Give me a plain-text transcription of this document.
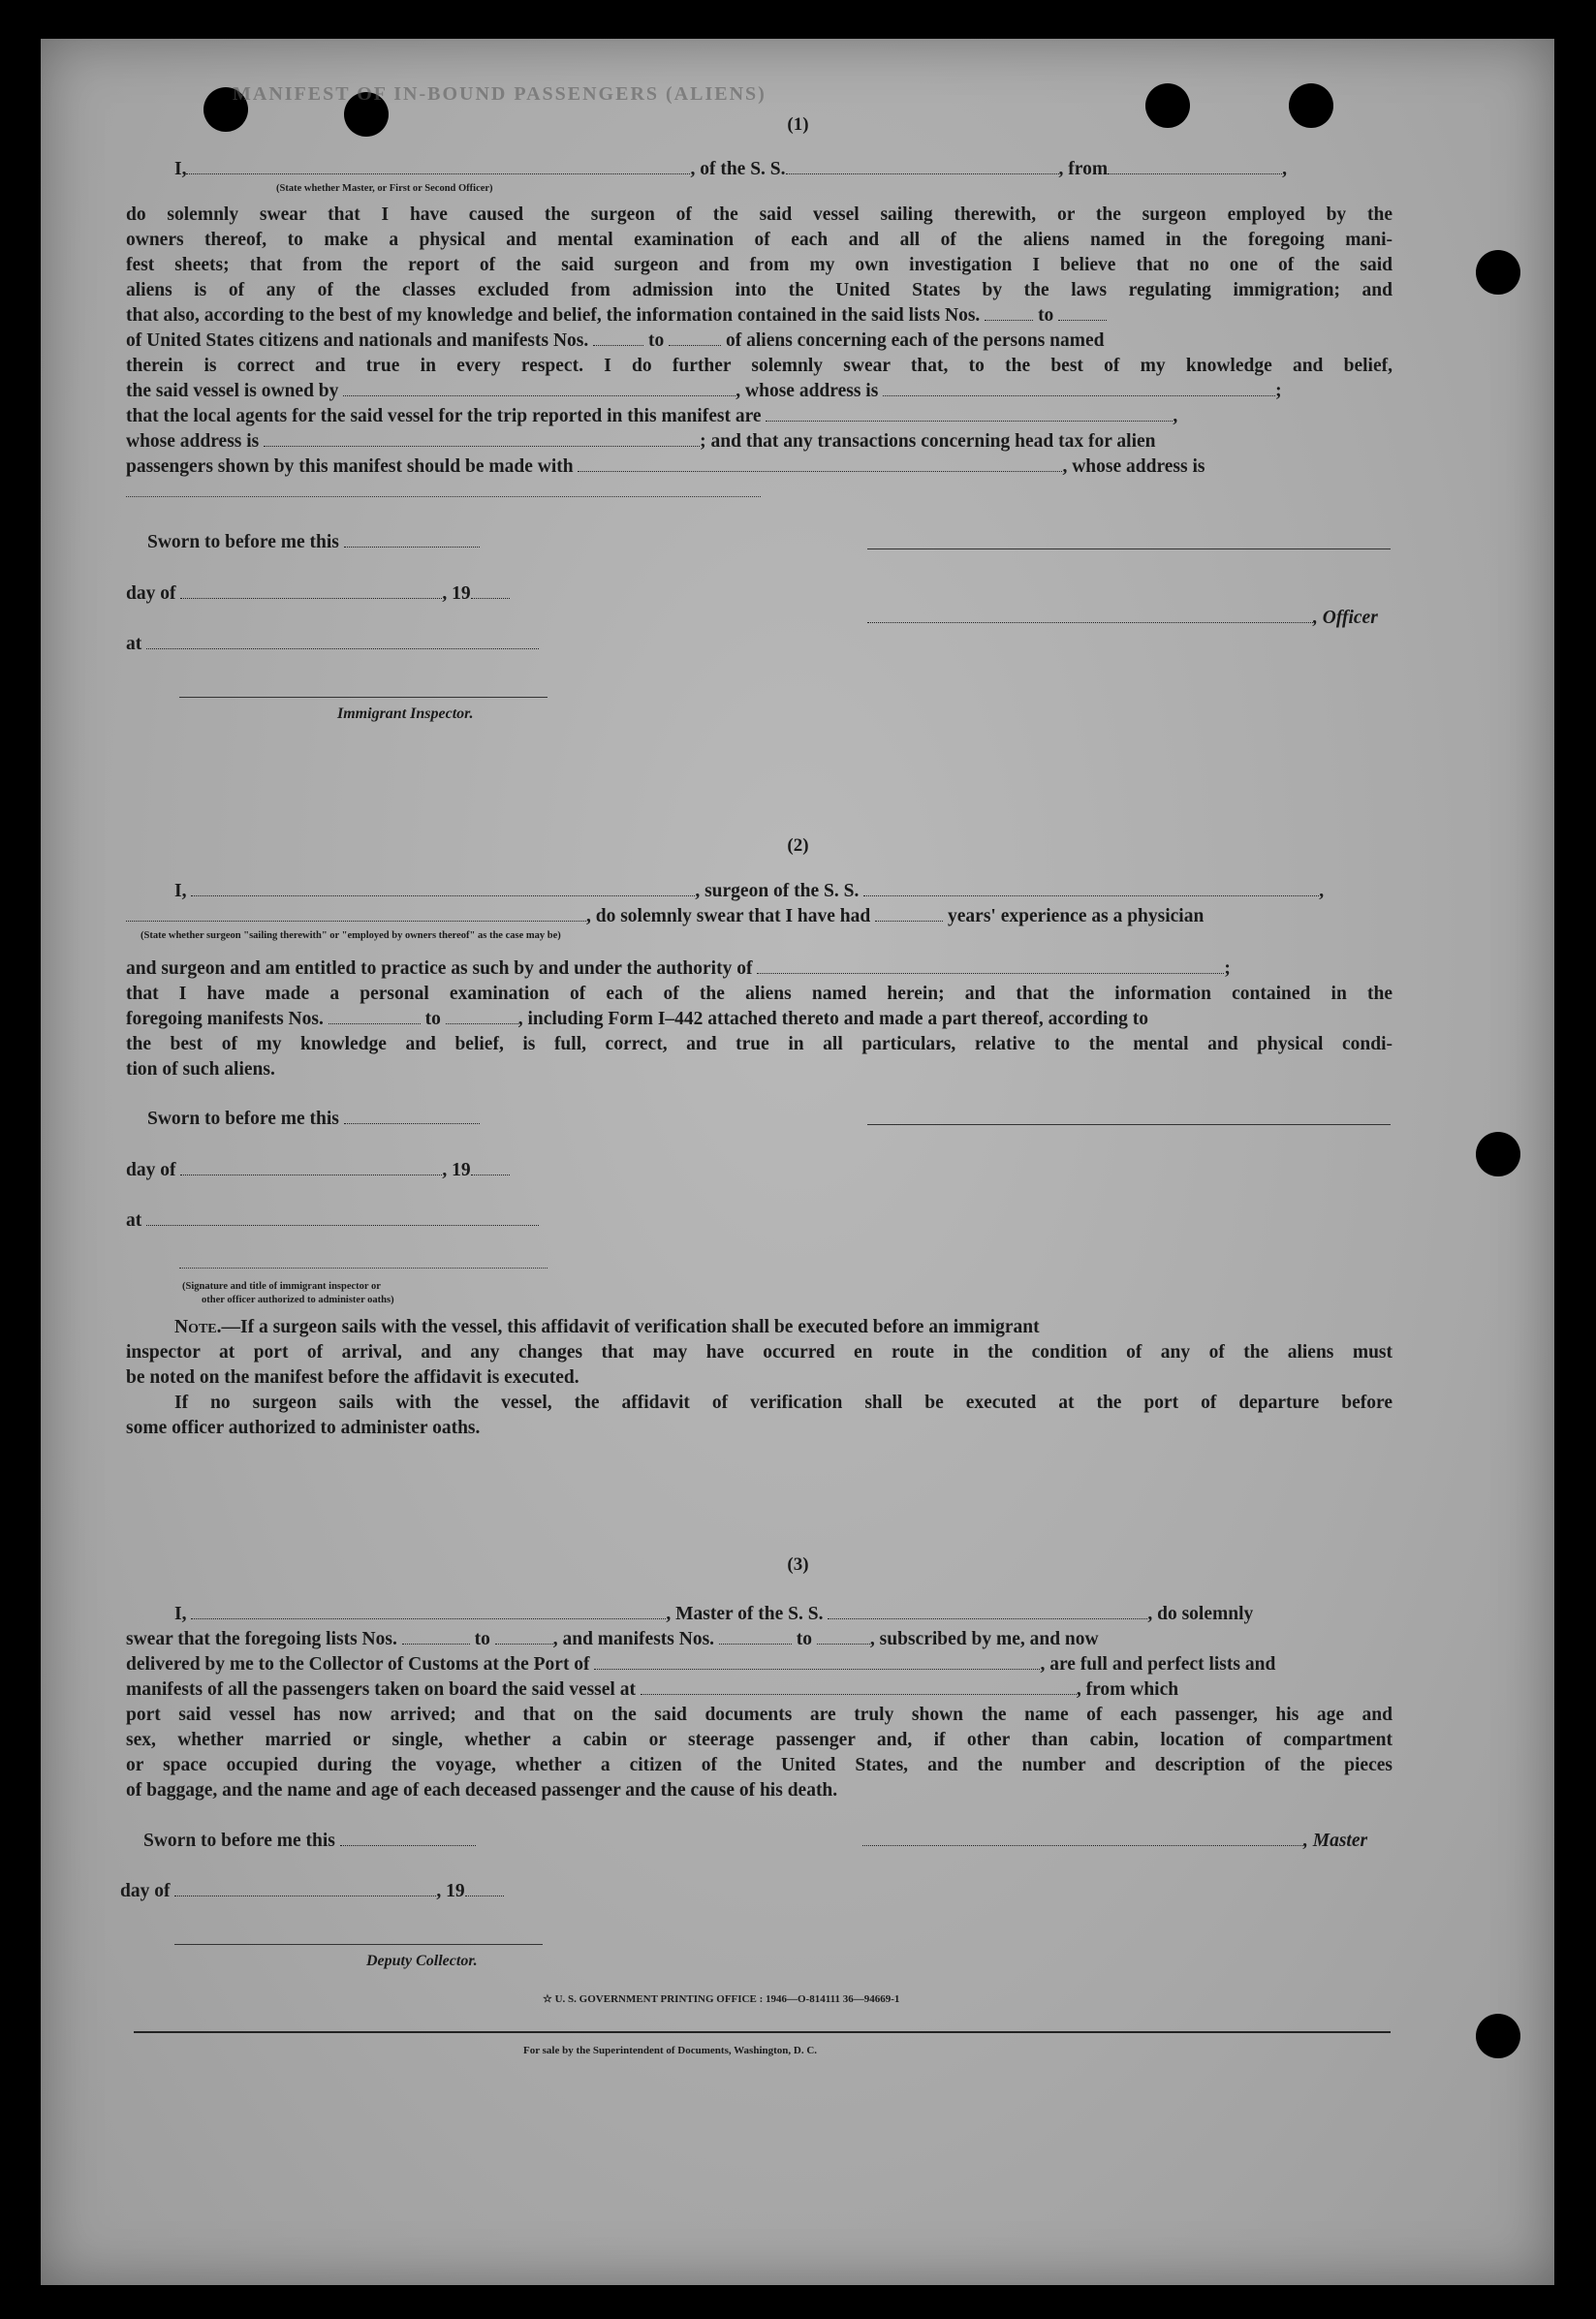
MANIFEST OF IN-BOUND PASSENGERS (ALIENS)
(1)
I,	, of the S. S.	, from	,
(State whether Master, or First or Second Officer)
do solemnly swear that I have caused the surgeon of the said vessel sailing therewith, or the surgeon employed by the
owners thereof, to make a physical and mental examination of each and all of the aliens named in the foregoing mani-
fest sheets; that from the report of the said surgeon and from my own investigation I believe that no one of the said
aliens is of any of the classes excluded from admission into the United States by the laws regulating immigration; and
that also, according to the best of my knowledge and belief, the information contained in the said lists Nos.	to
of United States citizens and nationals and manifests Nos.	to	of aliens concerning each of the persons named
therein is correct and true in every respect. I do further solemnly swear that, to the best of my knowledge and belief,
the said vessel is owned by	, whose address is	;
that the local agents for the said vessel for the trip reported in this manifest are	,
whose address is	; and that any transactions concerning head tax for alien
passengers shown by this manifest should be made with	, whose address is
Sworn to before me this
day of	, 19
, Officer
at
Immigrant Inspector.
(2)
I,	, surgeon of the S. S.	,
, do solemnly swear that I have had	years' experience as a physician
(State whether surgeon "sailing therewith" or "employed by owners thereof" as the case may be)
and surgeon and am entitled to practice as such by and under the authority of	;
that I have made a personal examination of each of the aliens named herein; and that the information contained in the
foregoing manifests Nos.	to	, including Form I–442 attached thereto and made a part thereof, according to
the best of my knowledge and belief, is full, correct, and true in all particulars, relative to the mental and physical condi-
tion of such aliens.
Sworn to before me this
day of	, 19
at
(Signature and title of immigrant inspector or
other officer authorized to administer oaths)
Note.—If a surgeon sails with the vessel, this affidavit of verification shall be executed before an immigrant
inspector at port of arrival, and any changes that may have occurred en route in the condition of any of the aliens must
be noted on the manifest before the affidavit is executed.
If no surgeon sails with the vessel, the affidavit of verification shall be executed at the port of departure before
some officer authorized to administer oaths.
(3)
I,	, Master of the S. S.	, do solemnly
swear that the foregoing lists Nos.	to	, and manifests Nos.	to	, subscribed by me, and now
delivered by me to the Collector of Customs at the Port of	, are full and perfect lists and
manifests of all the passengers taken on board the said vessel at	, from which
port said vessel has now arrived; and that on the said documents are truly shown the name of each passenger, his age and
sex, whether married or single, whether a cabin or steerage passenger and, if other than cabin, location of compartment
or space occupied during the voyage, whether a citizen of the United States, and the number and description of the pieces
of baggage, and the name and age of each deceased passenger and the cause of his death.
Sworn to before me this	, Master
day of	, 19
Deputy Collector.
☆ U. S. GOVERNMENT PRINTING OFFICE : 1946—O-814111 36—94669-1
For sale by the Superintendent of Documents, Washington, D. C.
